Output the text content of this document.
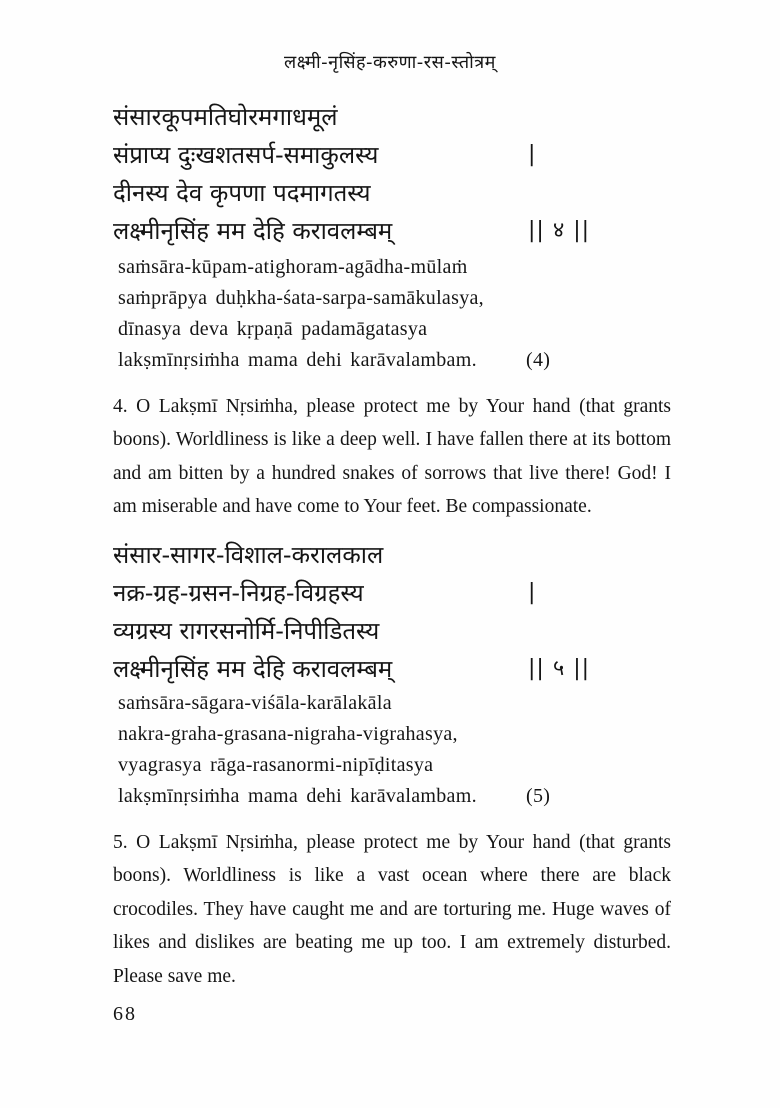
लक्ष्मी-नृसिंह-करुणा-रस-स्तोत्रम्
संसारकूपमतिघोरमगाधमूलं
संप्राप्य दुःखशतसर्प-समाकुलस्य	|
दीनस्य देव कृपणा पदमागतस्य
लक्ष्मीनृसिंह मम देहि करावलम्बम्	|| ४ ||
saṁsāra-kūpam-atighoram-agādha-mūlaṁ
saṁprāpya duḥkha-śata-sarpa-samākulasya,
dīnasya deva kṛpaṇā padamāgatasya
lakṣmīnṛsiṁha mama dehi karāvalambam. (4)
4. O Lakṣmī Nṛsiṁha, please protect me by Your hand (that grants boons). Worldliness is like a deep well. I have fallen there at its bottom and am bitten by a hundred snakes of sorrows that live there! God! I am miserable and have come to Your feet. Be compassionate.
संसार-सागर-विशाल-करालकाल
नक्र-ग्रह-ग्रसन-निग्रह-विग्रहस्य	|
व्यग्रस्य रागरसनोर्मि-निपीडितस्य
लक्ष्मीनृसिंह मम देहि करावलम्बम्	|| ५ ||
saṁsāra-sāgara-viśāla-karālakāla
nakra-graha-grasana-nigraha-vigrahasya,
vyagrasya rāga-rasanormi-nipīḍitasya
lakṣmīnṛsiṁha mama dehi karāvalambam. (5)
5. O Lakṣmī Nṛsiṁha, please protect me by Your hand (that grants boons). Worldliness is like a vast ocean where there are black crocodiles. They have caught me and are torturing me. Huge waves of likes and dislikes are beating me up too. I am extremely disturbed. Please save me.
68
